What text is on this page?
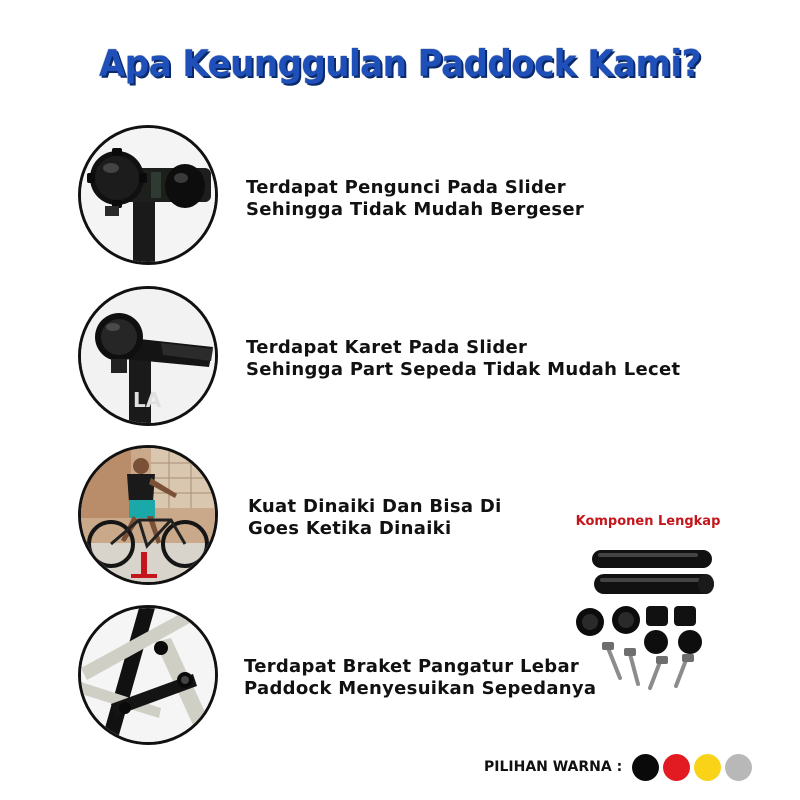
Apa Keunggulan Paddock Kami?
Terdapat Pengunci Pada Slider
Sehingga Tidak Mudah Bergeser
LA
Terdapat Karet Pada Slider
Sehingga Part Sepeda Tidak Mudah Lecet
Kuat Dinaiki Dan Bisa Di
Goes Ketika Dinaiki
Terdapat Braket Pangatur Lebar
Paddock Menyesuikan Sepedanya
Komponen Lengkap
PILIHAN WARNA :
